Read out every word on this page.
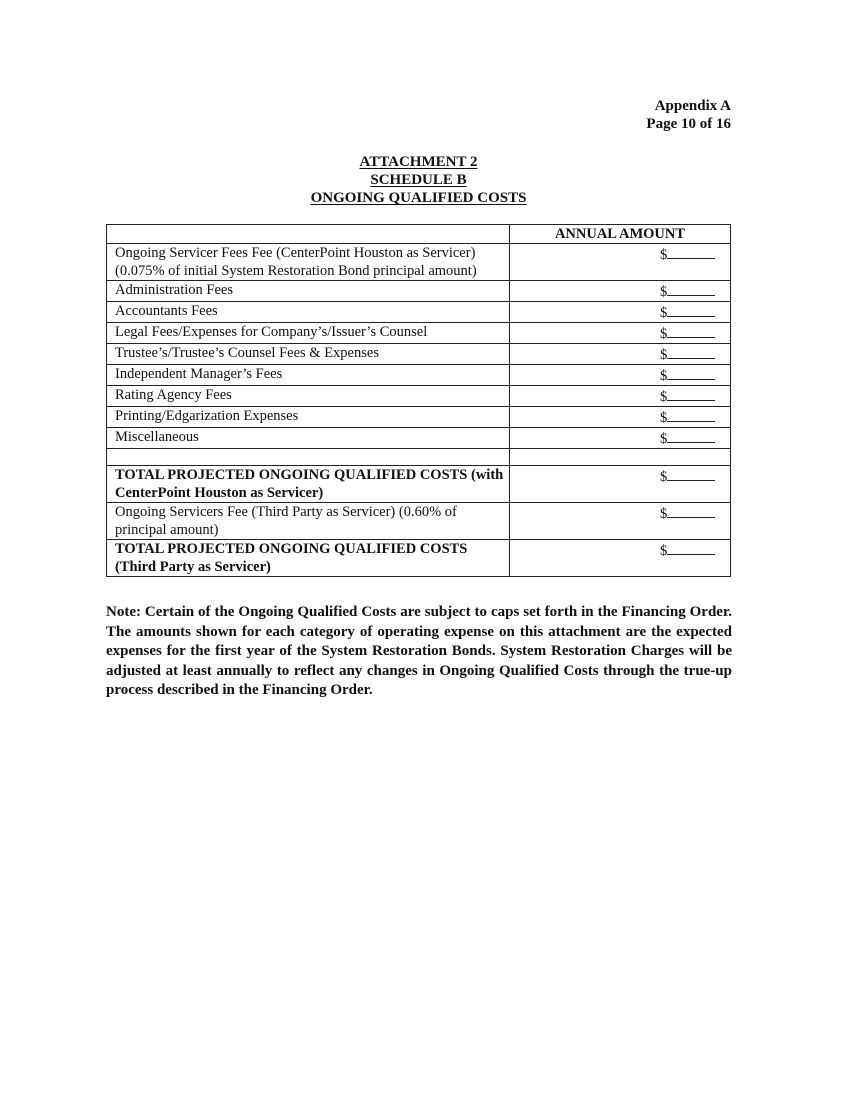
Appendix A
Page 10 of 16
ATTACHMENT 2
SCHEDULE B
ONGOING QUALIFIED COSTS
	ANNUAL AMOUNT
Ongoing Servicer Fees Fee (CenterPoint Houston as Servicer) (0.075% of initial System Restoration Bond principal amount)	$
Administration Fees	$
Accountants Fees	$
Legal Fees/Expenses for Company’s/Issuer’s Counsel	$
Trustee’s/Trustee’s Counsel Fees & Expenses	$
Independent Manager’s Fees	$
Rating Agency Fees	$
Printing/Edgarization Expenses	$
Miscellaneous	$

TOTAL PROJECTED ONGOING QUALIFIED COSTS (with CenterPoint Houston as Servicer)	$
Ongoing Servicers Fee (Third Party as Servicer) (0.60% of principal amount)	$
TOTAL PROJECTED ONGOING QUALIFIED COSTS (Third Party as Servicer)	$
Note: Certain of the Ongoing Qualified Costs are subject to caps set forth in the Financing Order. The amounts shown for each category of operating expense on this attachment are the expected expenses for the first year of the System Restoration Bonds. System Restoration Charges will be adjusted at least annually to reflect any changes in Ongoing Qualified Costs through the true-up process described in the Financing Order.
